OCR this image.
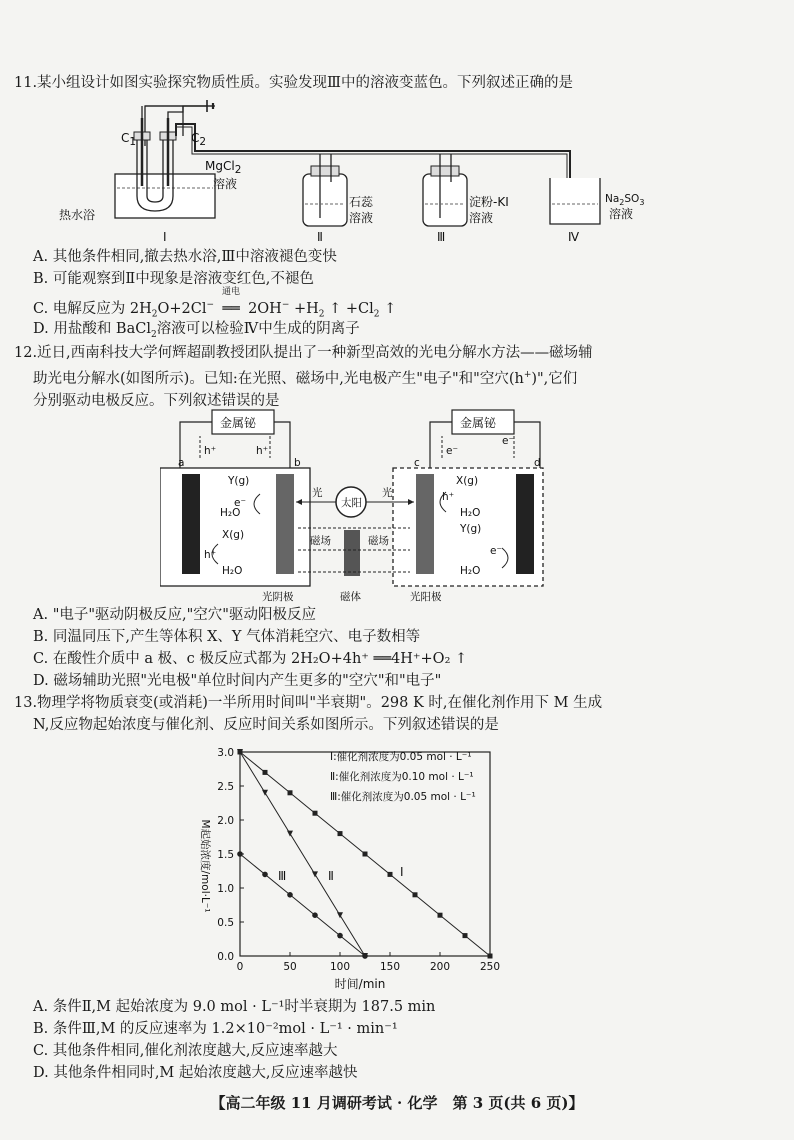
11.某小组设计如图实验探究物质性质。实验发现Ⅲ中的溶液变蓝色。下列叙述正确的是
C1	C2
MgCl2
溶液
热水浴
石蕊
溶液
淀粉-KI
溶液
$Na_2SO_3$
溶液
Ⅰ	Ⅱ	Ⅲ	Ⅳ
A. 其他条件相同,撤去热水浴,Ⅲ中溶液褪色变快
B. 可能观察到Ⅱ中现象是溶液变红色,不褪色
C. 电解反应为 $2H_2O+2Cl^-$
通电
══ $2OH^- +H_2$ ↑ $+Cl_2$ ↑
D. 用盐酸和 BaCl$_2$溶液可以检验Ⅳ中生成的阴离子
12.近日,西南科技大学何辉超副教授团队提出了一种新型高效的光电分解水方法——磁场辅
助光电分解水(如图所示)。已知:在光照、磁场中,光电极产生"电子"和"空穴(h+)",它们
分别驱动电极反应。下列叙述错误的是
金属铋	金属铋
h⁺	h⁺	e⁻
e⁻
a	b	c	d
Y(g)
e⁻
H₂O
X(g)
h⁺
H₂O
X(g)
h⁺
H₂O
Y(g)
e⁻
H₂O
太阳
光	光
磁场	磁场
光阴极	磁体	光阳极
A. "电子"驱动阴极反应,"空穴"驱动阳极反应
B. 同温同压下,产生等体积 X、Y 气体消耗空穴、电子数相等
C. 在酸性介质中 a 极、c 极反应式都为 2H₂O+4h⁺ ══4H⁺+O₂ ↑
D. 磁场辅助光照"光电极"单位时间内产生更多的"空穴"和"电子"
13.物理学将物质衰变(或消耗)一半所用时间叫"半衰期"。298 K 时,在催化剂作用下 M 生成
N,反应物起始浓度与催化剂、反应时间关系如图所示。下列叙述错误的是
0	50	100	150	200	250
0.0
0.5
1.0
1.5
2.0
2.5
3.0
时间/min
M起始浓度/mol·L⁻¹
Ⅰ:催化剂浓度为0.05 mol · L⁻¹
Ⅱ:催化剂浓度为0.10 mol · L⁻¹
Ⅲ:催化剂浓度为0.05 mol · L⁻¹
Ⅰ
Ⅱ
Ⅲ
A. 条件Ⅱ,M 起始浓度为 9.0 mol · L⁻¹时半衰期为 187.5 min
B. 条件Ⅲ,M 的反应速率为 1.2×10⁻²mol · L⁻¹ · min⁻¹
C. 其他条件相同,催化剂浓度越大,反应速率越大
D. 其他条件相同时,M 起始浓度越大,反应速率越快
【高二年级 11 月调研考试 · 化学　第 3 页(共 6 页)】
